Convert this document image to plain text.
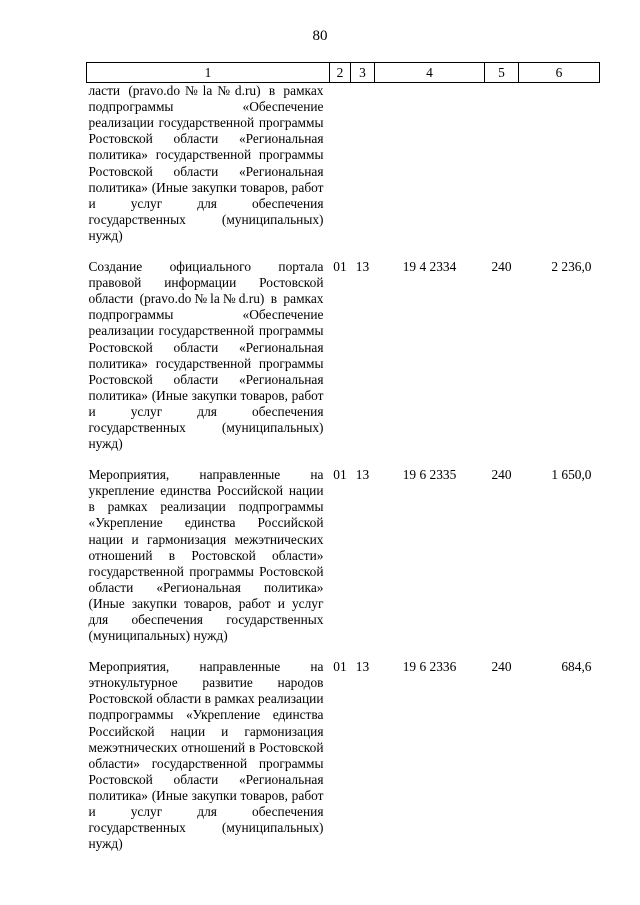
80
1	2	3	4	5	6
ласти (pravo.do№la№d.ru) в рамках подпрограммы «Обеспечение реализации государственной программы Ростовской области «Региональная политика» государственной программы Ростовской области «Региональная политика» (Иные закупки товаров, работ и услуг для обеспечения государственных (муниципальных) нужд)					
Создание официального портала правовой информации Ростовской области (pravo.do№la№d.ru) в рамках подпрограммы «Обеспечение реализации государственной программы Ростовской области «Региональная политика» государственной программы Ростовской области «Региональная политика» (Иные закупки товаров, работ и услуг для обеспечения государственных (муниципальных) нужд)	01	13	19 4 2334	240	2 236,0
Мероприятия, направленные на укрепление единства Российской нации в рамках реализации подпрограммы «Укрепление единства Российской нации и гармонизация межэтнических отношений в Ростовской области» государственной программы Ростовской области «Региональная политика» (Иные закупки товаров, работ и услуг для обеспечения государственных (муниципальных) нужд)	01	13	19 6 2335	240	1 650,0
Мероприятия, направленные на этнокультурное развитие народов Ростовской области в рамках реализации подпрограммы «Укрепление единства Российской нации и гармонизация межэтнических отношений в Ростовской области» государственной программы Ростовской области «Региональная политика» (Иные закупки товаров, работ и услуг для обеспечения государственных (муниципальных) нужд)	01	13	19 6 2336	240	684,6
